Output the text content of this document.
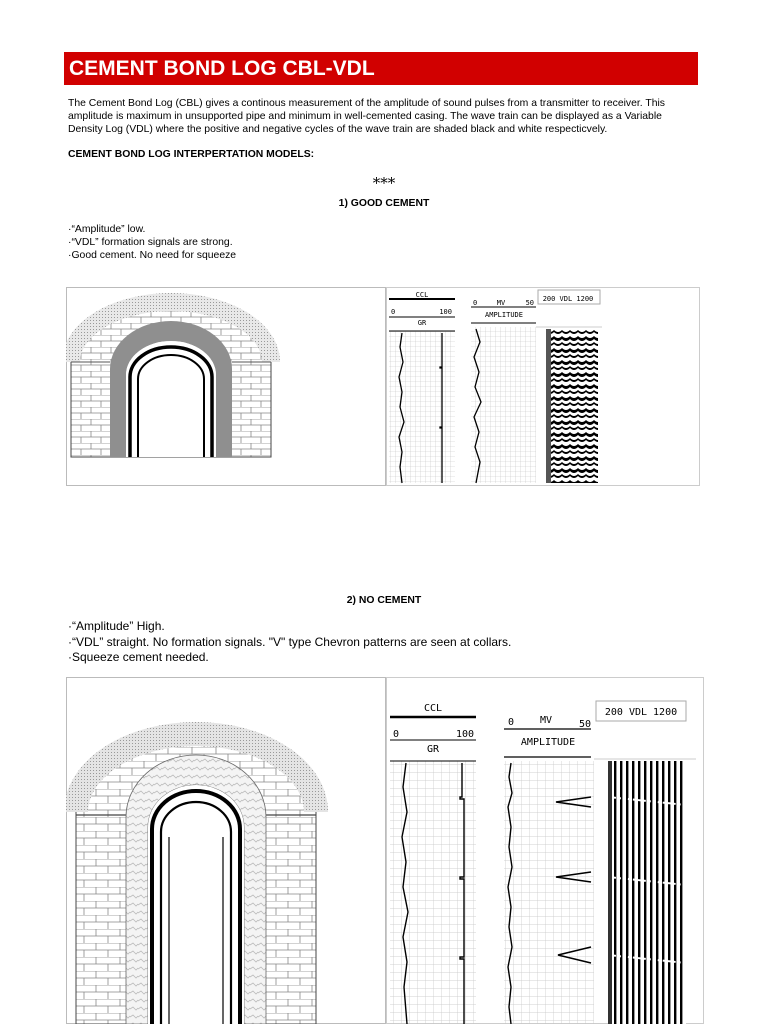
CEMENT BOND LOG CBL-VDL

The Cement Bond Log (CBL) gives a continous measurement of the amplitude of sound pulses from a transmitter to receiver. This amplitude is maximum in unsupported pipe and minimum in well-cemented casing. The wave train can be displayed as a Variable Density Log (VDL) where the positive and negative cycles of the wave train are shaded black and white respecticvely.

CEMENT BOND LOG INTERPERTATION MODELS:

***

1) GOOD CEMENT

· “Amplitude” low.
· “VDL” formation signals are strong.
· Good cement. No need for squeeze
CCL
0	100
GR
0	MV	50
AMPLITUDE
200 VDL 1200

2) NO CEMENT

· “Amplitude” High.
· “VDL” straight. No formation signals. "V" type Chevron patterns are seen at collars.
· Squeeze cement needed.
CCL
0	100
GR
0	MV	50
AMPLITUDE
200 VDL 1200
